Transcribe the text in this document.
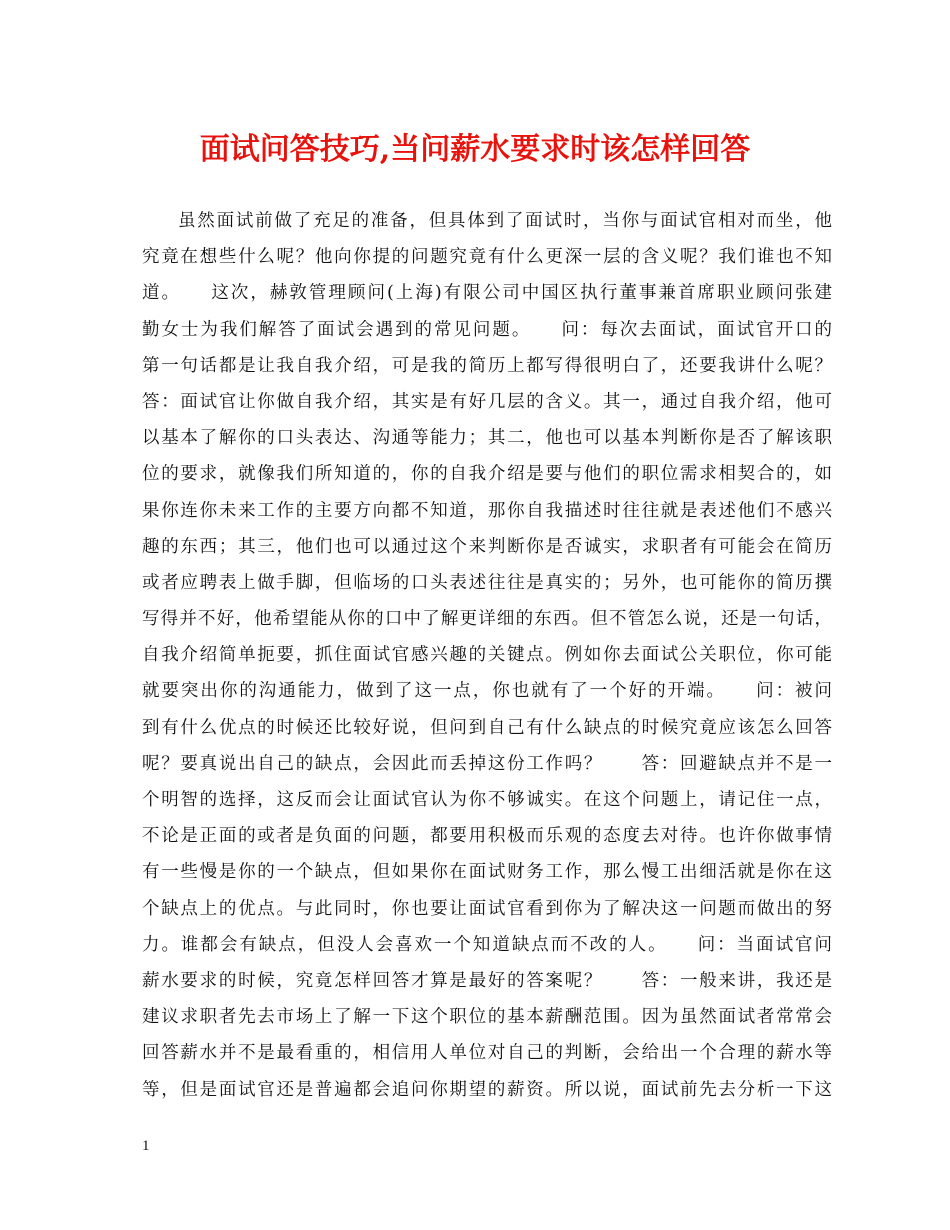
面试问答技巧,当问薪水要求时该怎样回答
虽然面试前做了充足的准备，但具体到了面试时，当你与面试官相对而坐，他
究竟在想些什么呢？他向你提的问题究竟有什么更深一层的含义呢？我们谁也不知
道。　　这次，赫敦管理顾问(上海)有限公司中国区执行董事兼首席职业顾问张建
勤女士为我们解答了面试会遇到的常见问题。　　问：每次去面试，面试官开口的
第一句话都是让我自我介绍，可是我的简历上都写得很明白了，还要我讲什么呢？
答：面试官让你做自我介绍，其实是有好几层的含义。其一，通过自我介绍，他可
以基本了解你的口头表达、沟通等能力；其二，他也可以基本判断你是否了解该职
位的要求，就像我们所知道的，你的自我介绍是要与他们的职位需求相契合的，如
果你连你未来工作的主要方向都不知道，那你自我描述时往往就是表述他们不感兴
趣的东西；其三，他们也可以通过这个来判断你是否诚实，求职者有可能会在简历
或者应聘表上做手脚，但临场的口头表述往往是真实的；另外，也可能你的简历撰
写得并不好，他希望能从你的口中了解更详细的东西。但不管怎么说，还是一句话，
自我介绍简单扼要，抓住面试官感兴趣的关键点。例如你去面试公关职位，你可能
就要突出你的沟通能力，做到了这一点，你也就有了一个好的开端。　　问：被问
到有什么优点的时候还比较好说，但问到自己有什么缺点的时候究竟应该怎么回答
呢？要真说出自己的缺点，会因此而丢掉这份工作吗？　　答：回避缺点并不是一
个明智的选择，这反而会让面试官认为你不够诚实。在这个问题上，请记住一点，
不论是正面的或者是负面的问题，都要用积极而乐观的态度去对待。也许你做事情
有一些慢是你的一个缺点，但如果你在面试财务工作，那么慢工出细活就是你在这
个缺点上的优点。与此同时，你也要让面试官看到你为了解决这一问题而做出的努
力。谁都会有缺点，但没人会喜欢一个知道缺点而不改的人。　　问：当面试官问
薪水要求的时候，究竟怎样回答才算是最好的答案呢？　　答：一般来讲，我还是
建议求职者先去市场上了解一下这个职位的基本薪酬范围。因为虽然面试者常常会
回答薪水并不是最看重的，相信用人单位对自己的判断，会给出一个合理的薪水等
等，但是面试官还是普遍都会追问你期望的薪资。所以说，面试前先去分析一下这
1
